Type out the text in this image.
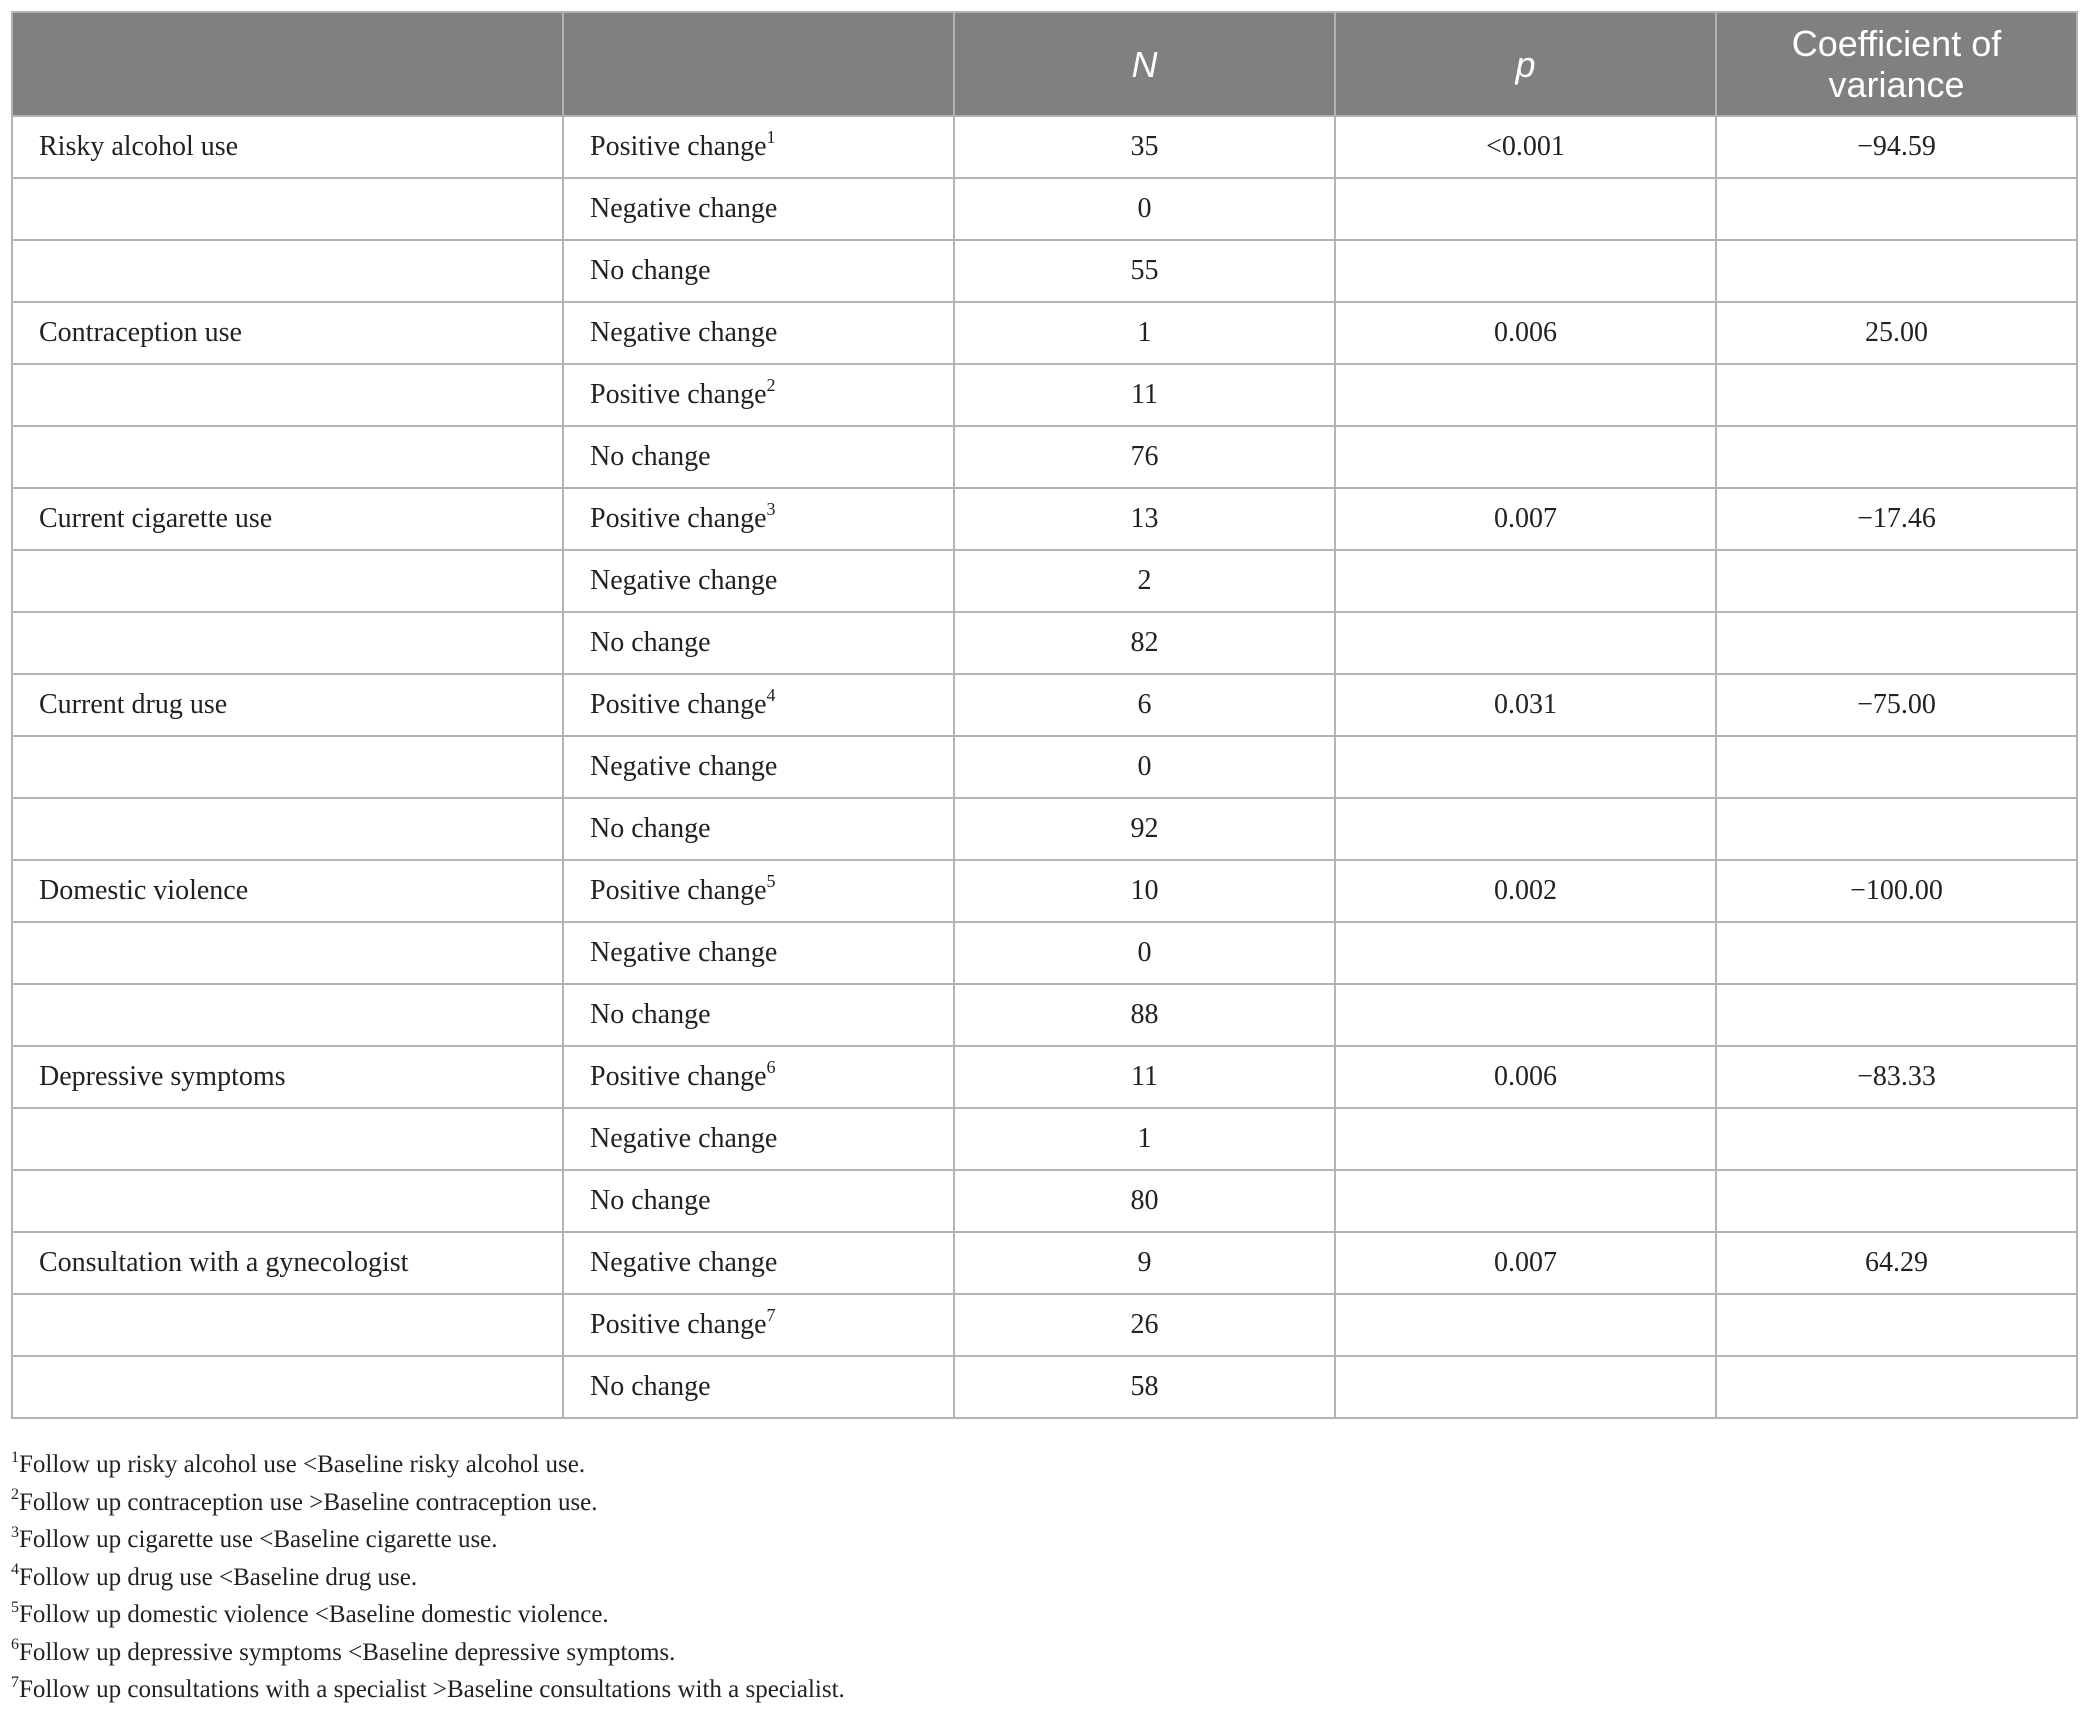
		N	p	Coefficient of variance
Risky alcohol use	Positive change$^1$	35	<0.001	−94.59
	Negative change	0		
	No change	55		
Contraception use	Negative change	1	0.006	25.00
	Positive change$^2$	11		
	No change	76		
Current cigarette use	Positive change$^3$	13	0.007	−17.46
	Negative change	2		
	No change	82		
Current drug use	Positive change$^4$	6	0.031	−75.00
	Negative change	0		
	No change	92		
Domestic violence	Positive change$^5$	10	0.002	−100.00
	Negative change	0		
	No change	88		
Depressive symptoms	Positive change$^6$	11	0.006	−83.33
	Negative change	1		
	No change	80		
Consultation with a gynecologist	Negative change	9	0.007	64.29
	Positive change$^7$	26		
	No change	58		
$^1$Follow up risky alcohol use <Baseline risky alcohol use.
$^2$Follow up contraception use >Baseline contraception use.
$^3$Follow up cigarette use <Baseline cigarette use.
$^4$Follow up drug use <Baseline drug use.
$^5$Follow up domestic violence <Baseline domestic violence.
$^6$Follow up depressive symptoms <Baseline depressive symptoms.
$^7$Follow up consultations with a specialist >Baseline consultations with a specialist.
